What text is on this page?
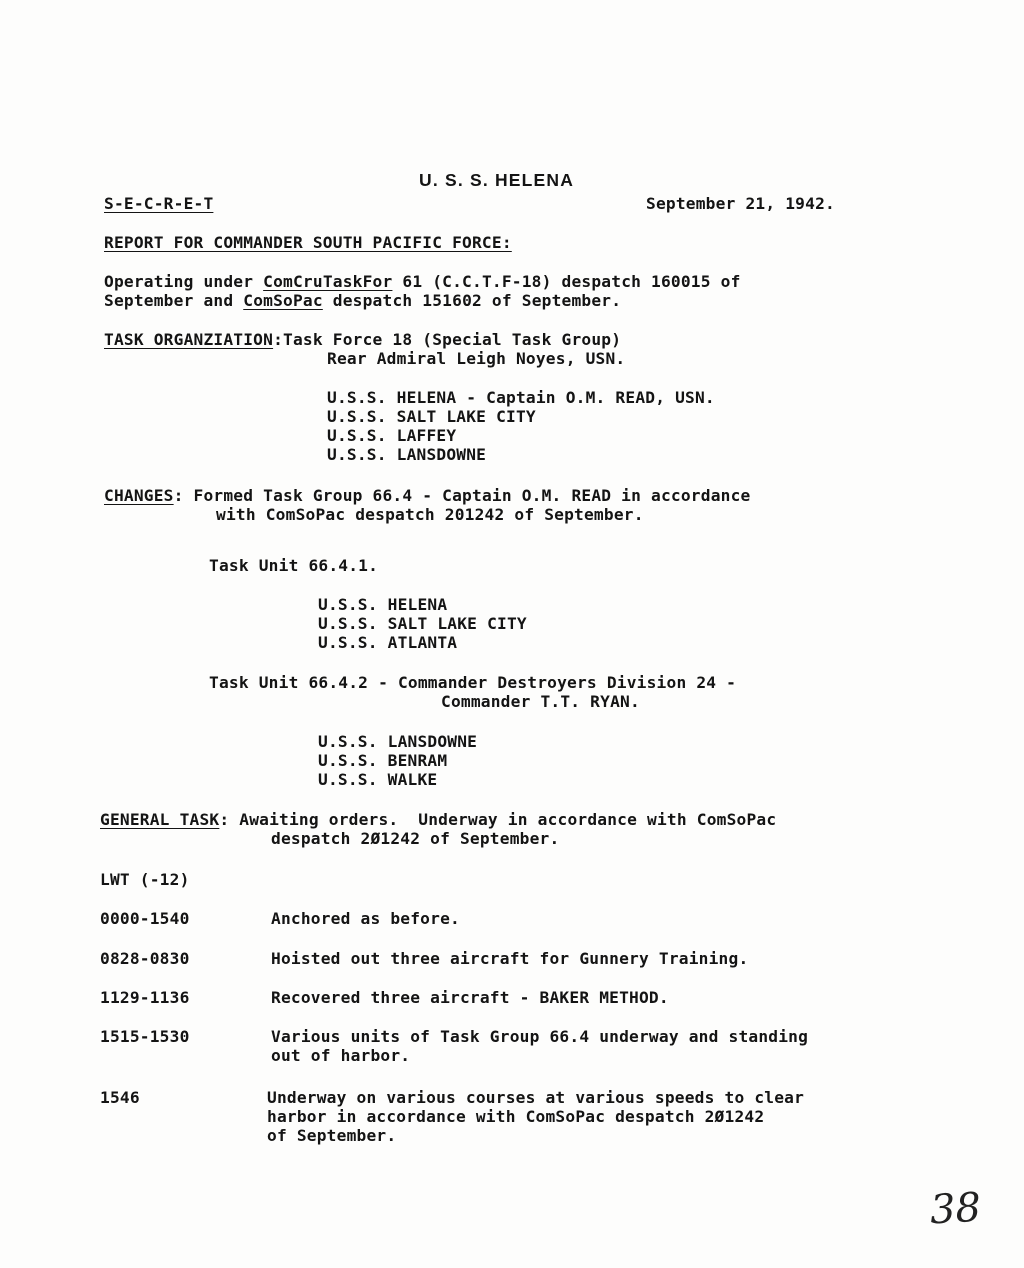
U. S. S. HELENA
S-E-C-R-E-T	September 21, 1942.
REPORT FOR COMMANDER SOUTH PACIFIC FORCE:
Operating under ComCruTaskFor 61 (C.C.T.F-18) despatch 160015 of
September and ComSoPac despatch 151602 of September.
TASK ORGANZIATION:Task Force 18 (Special Task Group)
Rear Admiral Leigh Noyes, USN.
U.S.S. HELENA - Captain O.M. READ, USN.
U.S.S. SALT LAKE CITY
U.S.S. LAFFEY
U.S.S. LANSDOWNE
CHANGES: Formed Task Group 66.4 - Captain O.M. READ in accordance
with ComSoPac despatch 201242 of September.
Task Unit 66.4.1.
U.S.S. HELENA
U.S.S. SALT LAKE CITY
U.S.S. ATLANTA
Task Unit 66.4.2 - Commander Destroyers Division 24 -
Commander T.T. RYAN.
U.S.S. LANSDOWNE
U.S.S. BENRAM
U.S.S. WALKE
GENERAL TASK: Awaiting orders.  Underway in accordance with ComSoPac
despatch 2Ø1242 of September.
LWT (-12)
0000-1540	Anchored as before.
0828-0830	Hoisted out three aircraft for Gunnery Training.
1129-1136	Recovered three aircraft - BAKER METHOD.
1515-1530	Various units of Task Group 66.4 underway and standing
out of harbor.
1546	Underway on various courses at various speeds to clear
harbor in accordance with ComSoPac despatch 2Ø1242
of September.
38
